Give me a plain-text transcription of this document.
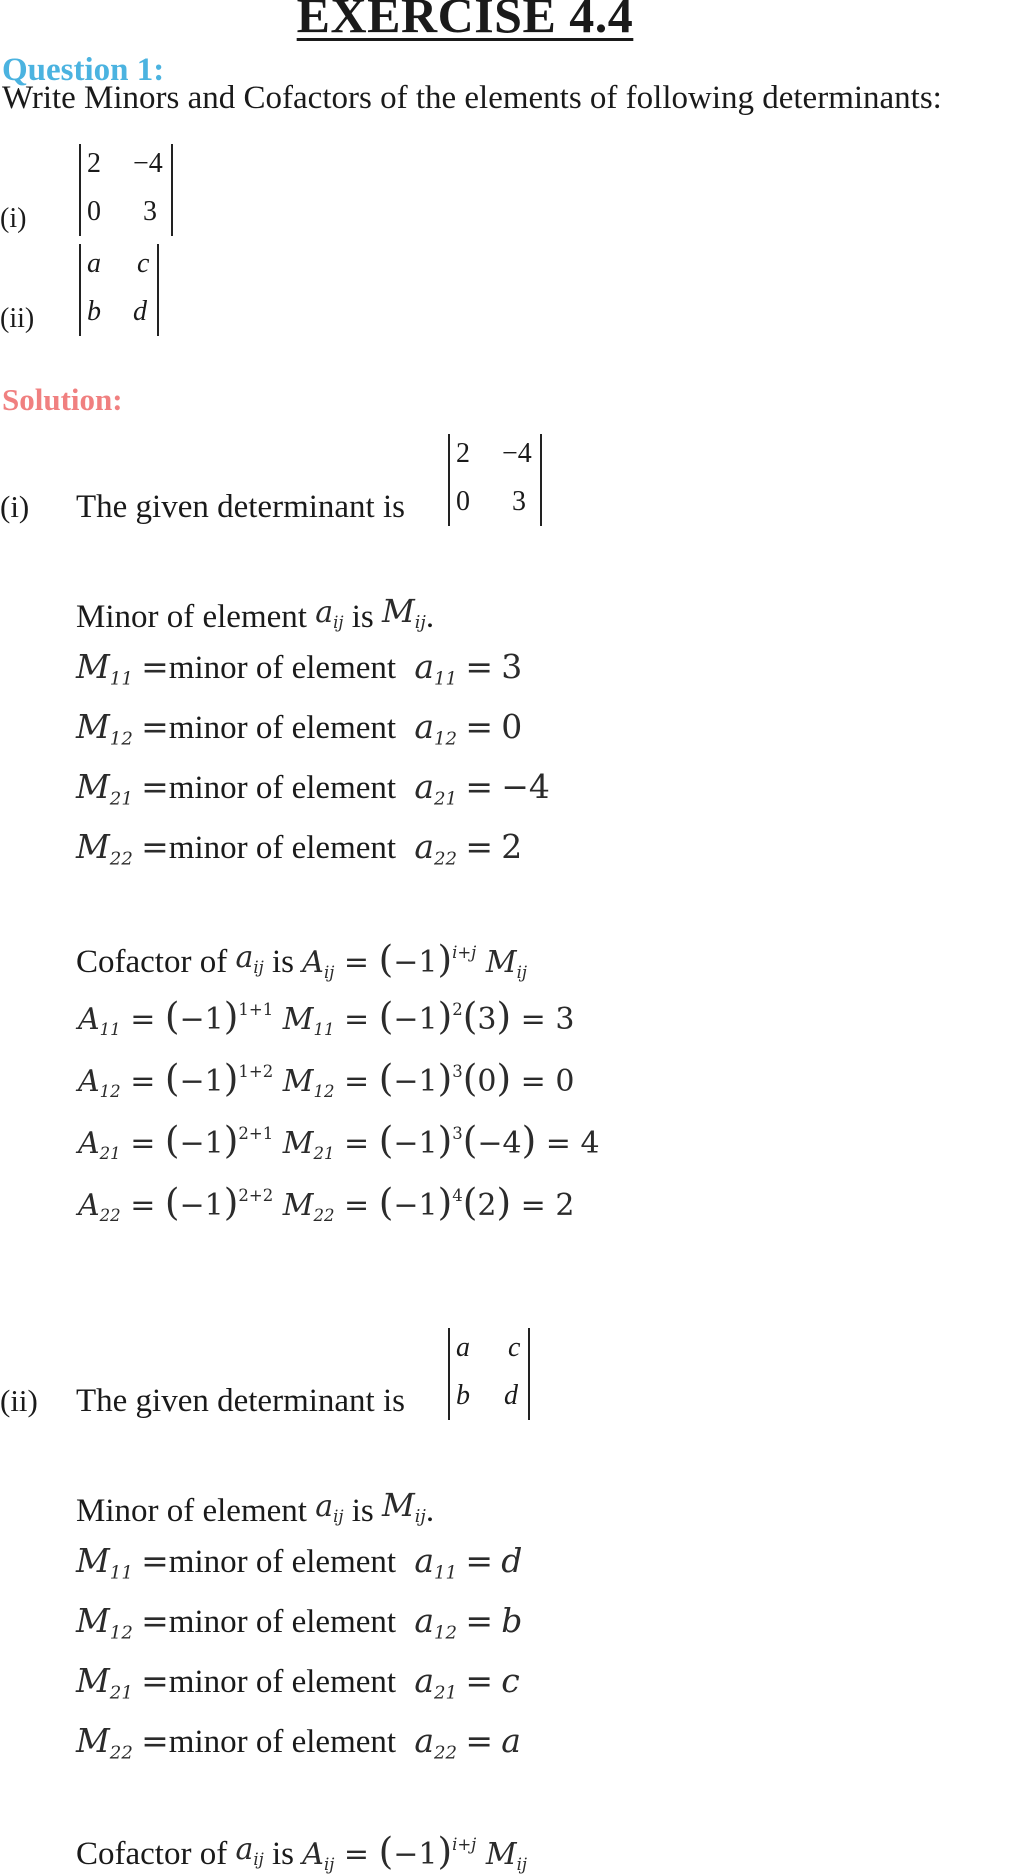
EXERCISE 4.4
Question 1:
Write Minors and Cofactors of the elements of following determinants:
(i)
2 −4
0 3
(ii)
a c
b d
Solution:
(i) The given determinant is
2 −4
0 3
Minor of element $a_{ij}$ is $M_{ij}$.
$M_{11}$ =minor of element $a_{11} = 3$
$M_{12}$ =minor of element $a_{12} = 0$
$M_{21}$ =minor of element $a_{21} = -4$
$M_{22}$ =minor of element $a_{22} = 2$
Cofactor of $a_{ij}$ is $A_{ij} = (-1)^{i+j}$ $M_{ij}$
$A_{11} = (-1)^{1+1}$ $M_{11} = (-1)^2(3) = 3$
$A_{12} = (-1)^{1+2}$ $M_{12} = (-1)^3(0) = 0$
$A_{21} = (-1)^{2+1}$ $M_{21} = (-1)^3(-4) = 4$
$A_{22} = (-1)^{2+2}$ $M_{22} = (-1)^4(2) = 2$
(ii) The given determinant is
a c
b d
Minor of element $a_{ij}$ is $M_{ij}$.
$M_{11}$ =minor of element $a_{11} = d$
$M_{12}$ =minor of element $a_{12} = b$
$M_{21}$ =minor of element $a_{21} = c$
$M_{22}$ =minor of element $a_{22} = a$
Cofactor of $a_{ij}$ is $A_{ij} = (-1)^{i+j}$ $M_{ij}$
